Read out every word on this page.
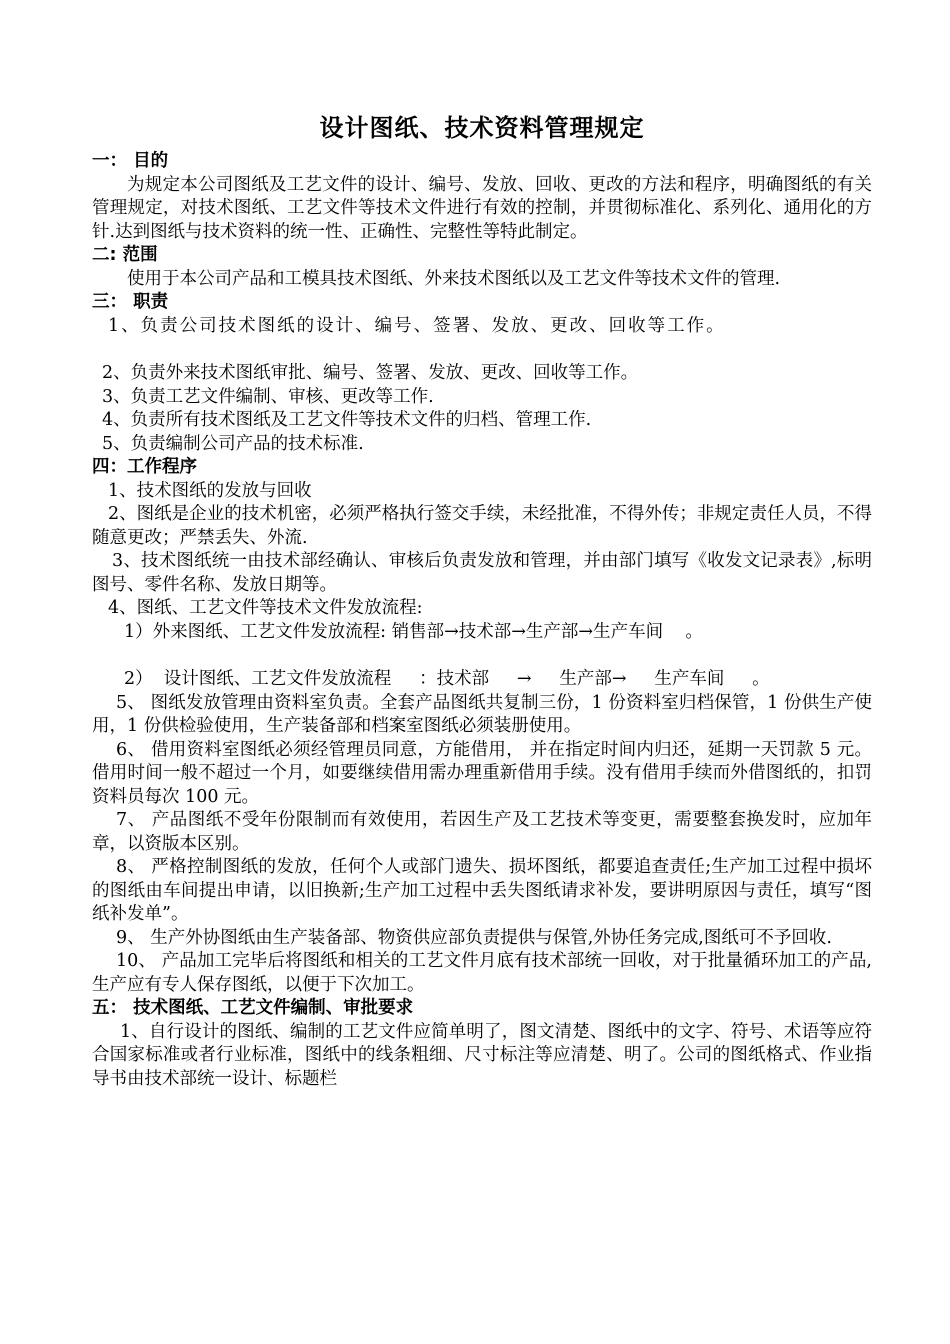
设计图纸、技术资料管理规定
一： 目的
为规定本公司图纸及工艺文件的设计、编号、发放、回收、更改的方法和程序，明确图纸的有关管理规定，对技术图纸、工艺文件等技术文件进行有效的控制，并贯彻标准化、系列化、通用化的方针.达到图纸与技术资料的统一性、正确性、完整性等特此制定。
二: 范围
使用于本公司产品和工模具技术图纸、外来技术图纸以及工艺文件等技术文件的管理.
三： 职责
1、负责公司技术图纸的设计、编号、签署、发放、更改、回收等工作。
2、负责外来技术图纸审批、编号、签署、发放、更改、回收等工作。
3、负责工艺文件编制、审核、更改等工作.
4、负责所有技术图纸及工艺文件等技术文件的归档、管理工作.
5、负责编制公司产品的技术标准.
四：工作程序
1、技术图纸的发放与回收
2、图纸是企业的技术机密，必须严格执行签交手续，未经批准，不得外传；非规定责任人员，不得随意更改；严禁丢失、外流.
3、技术图纸统一由技术部经确认、审核后负责发放和管理，并由部门填写《收发文记录表》,标明图号、零件名称、发放日期等。
4、图纸、工艺文件等技术文件发放流程:
1）外来图纸、工艺文件发放流程: 销售部→技术部→生产部→生产车间    。
2）  设计图纸、工艺文件发放流程     ：技术部     →     生产部→     生产车间     。
5、 图纸发放管理由资料室负责。全套产品图纸共复制三份，1 份资料室归档保管，1 份供生产使用，1 份供检验使用，生产装备部和档案室图纸必须装册使用。
6、 借用资料室图纸必须经管理员同意，方能借用， 并在指定时间内归还，延期一天罚款 5 元。借用时间一般不超过一个月，如要继续借用需办理重新借用手续。没有借用手续而外借图纸的，扣罚资料员每次 100 元。
7、 产品图纸不受年份限制而有效使用，若因生产及工艺技术等变更，需要整套换发时，应加年章，以资版本区别。
8、 严格控制图纸的发放，任何个人或部门遗失、损坏图纸，都要追查责任;生产加工过程中损坏的图纸由车间提出申请，以旧换新;生产加工过程中丢失图纸请求补发，要讲明原因与责任，填写“图纸补发单”。
9、 生产外协图纸由生产装备部、物资供应部负责提供与保管,外协任务完成,图纸可不予回收.
10、 产品加工完毕后将图纸和相关的工艺文件月底有技术部统一回收，对于批量循环加工的产品,生产应有专人保存图纸，以便于下次加工。
五： 技术图纸、工艺文件编制、审批要求
1、自行设计的图纸、编制的工艺文件应简单明了，图文清楚、图纸中的文字、符号、术语等应符合国家标准或者行业标准，图纸中的线条粗细、尺寸标注等应清楚、明了。公司的图纸格式、作业指导书由技术部统一设计、标题栏
